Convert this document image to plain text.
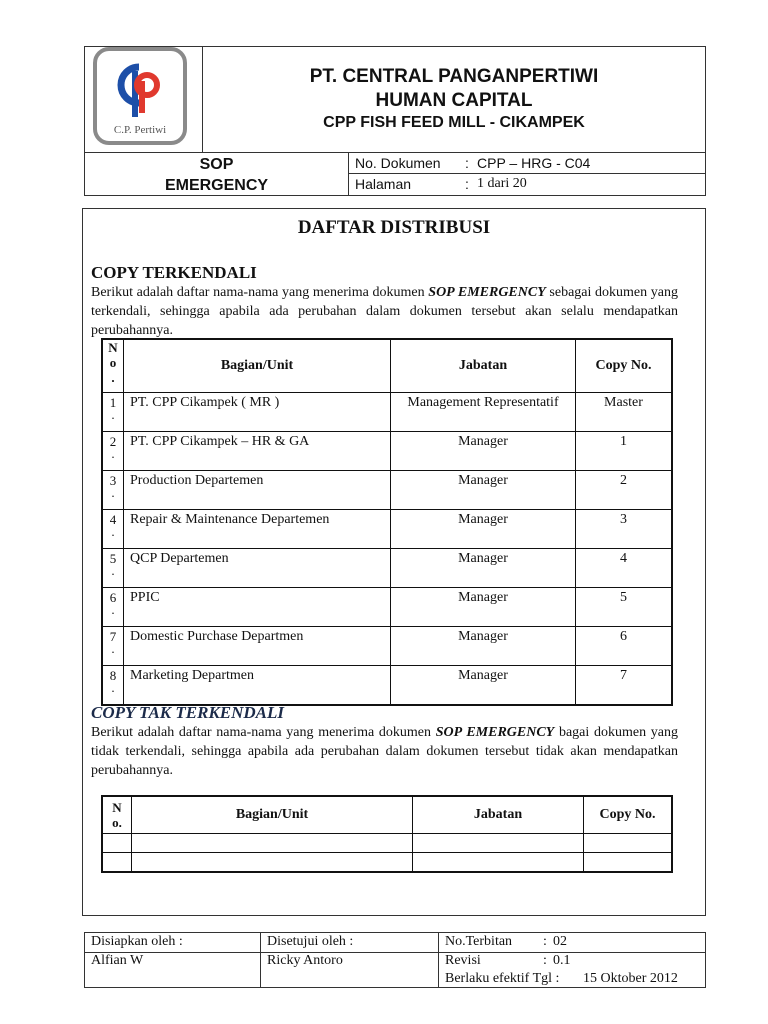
C.P. Pertiwi
PT. CENTRAL PANGANPERTIWI
HUMAN CAPITAL
CPP FISH FEED MILL - CIKAMPEK
SOP
EMERGENCY
No. Dokumen : CPP – HRG - C04
Halaman	: 1 dari 20
DAFTAR DISTRIBUSI
COPY TERKENDALI
Berikut adalah daftar nama-nama yang menerima dokumen SOP EMERGENCY sebagai dokumen yang terkendali, sehingga apabila ada perubahan dalam dokumen tersebut akan selalu mendapatkan perubahannya.
N
o
.	Bagian/Unit	Jabatan	Copy No.

1
.	PT. CPP Cikampek ( MR )	Management Representatif	Master

2
.	PT. CPP Cikampek – HR & GA	Manager	1

3
.	Production Departemen	Manager	2

4
.	Repair & Maintenance Departemen	Manager	3

5
.	QCP Departemen	Manager	4

6
.	PPIC	Manager	5

7
.	Domestic Purchase Departmen	Manager	6

8
.	Marketing Departmen	Manager	7
COPY TAK TERKENDALI
Berikut adalah daftar nama-nama yang menerima dokumen SOP EMERGENCY bagai dokumen yang tidak terkendali, sehingga apabila ada perubahan dalam dokumen tersebut tidak akan mendapatkan perubahannya.
N
o.	Bagian/Unit	Jabatan	Copy No.

Disiapkan oleh :
Alfian W
Disetujui oleh :
Ricky Antoro
No.Terbitan : 02
Revisi	: 0.1
Berlaku efektif Tgl : 15 Oktober 2012
